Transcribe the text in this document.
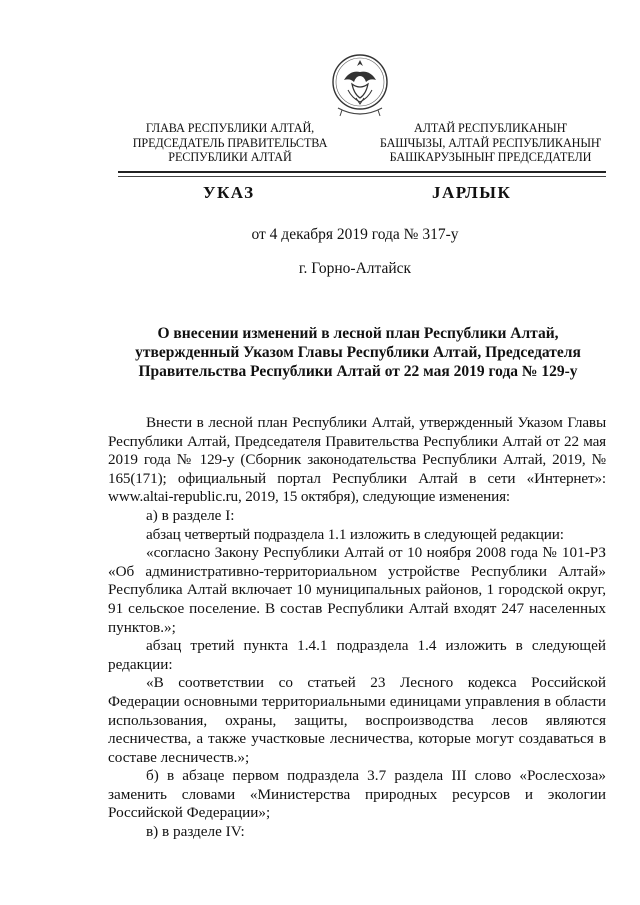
ГЛАВА РЕСПУБЛИКИ АЛТАЙ,
ПРЕДСЕДАТЕЛЬ ПРАВИТЕЛЬСТВА
РЕСПУБЛИКИ АЛТАЙ
АЛТАЙ РЕСПУБЛИКАНЫҤ
БАШЧЫЗЫ, АЛТАЙ РЕСПУБЛИКАНЫҤ
БАШКАРУЗЫНЫҤ ПРЕДСЕДАТЕЛИ
УКАЗ	ЈАРЛЫК
от 4 декабря 2019 года № 317-у
г. Горно-Алтайск
О внесении изменений в лесной план Республики Алтай,
утвержденный Указом Главы Республики Алтай, Председателя
Правительства Республики Алтай от 22 мая 2019 года № 129-у
Внести в лесной план Республики Алтай, утвержденный Указом Главы Республики Алтай, Председателя Правительства Республики Алтай от 22 мая 2019 года № 129-у (Сборник законодательства Республики Алтай, 2019, № 165(171); официальный портал Республики Алтай в сети «Интернет»: www.altai-republic.ru, 2019, 15 октября), следующие изменения:
а) в разделе I:
абзац четвертый подраздела 1.1 изложить в следующей редакции:
«согласно Закону Республики Алтай от 10 ноября 2008 года № 101-РЗ «Об административно-территориальном устройстве Республики Алтай» Республика Алтай включает 10 муниципальных районов, 1 городской округ, 91 сельское поселение. В состав Республики Алтай входят 247 населенных пунктов.»;
абзац третий пункта 1.4.1 подраздела 1.4 изложить в следующей редакции:
«В соответствии со статьей 23 Лесного кодекса Российской Федерации основными территориальными единицами управления в области использования, охраны, защиты, воспроизводства лесов являются лесничества, а также участковые лесничества, которые могут создаваться в составе лесничеств.»;
б) в абзаце первом подраздела 3.7 раздела III слово «Рослесхоза» заменить словами «Министерства природных ресурсов и экологии Российской Федерации»;
в) в разделе IV:
